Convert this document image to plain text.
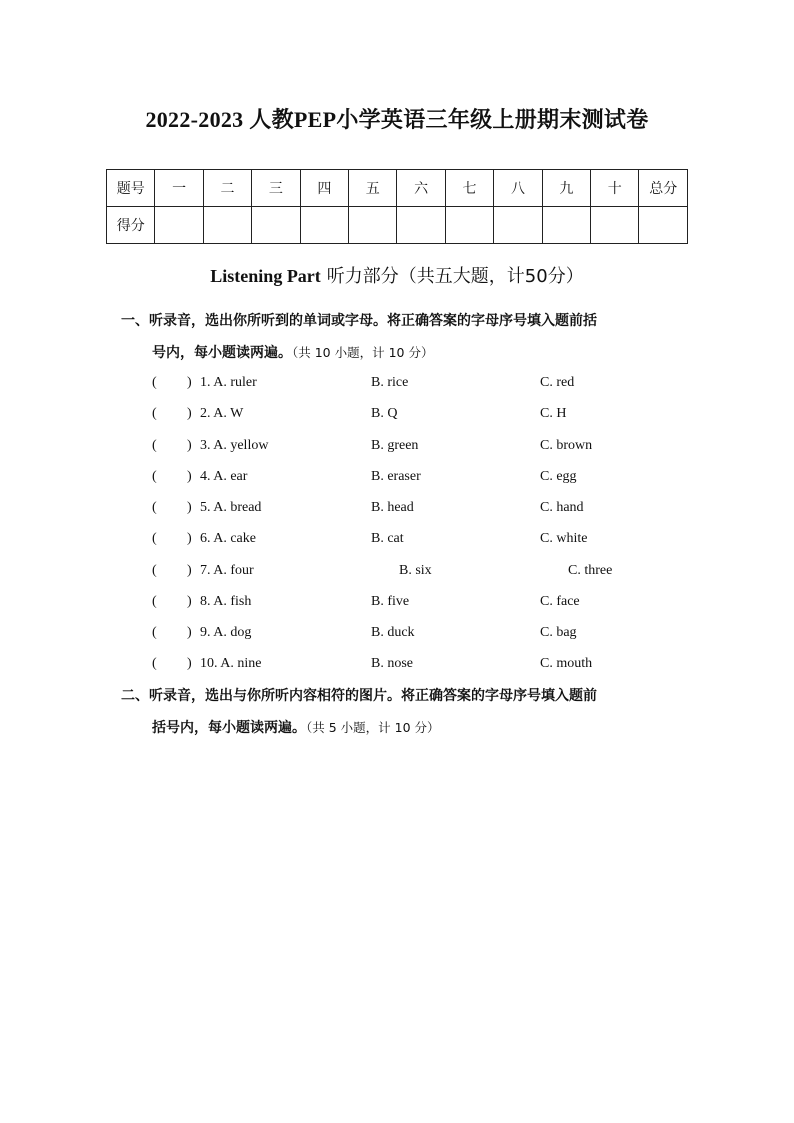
2022-2023 人教PEP小学英语三年级上册期末测试卷
题号	一	二	三	四	五	六	七	八	九	十	总分
得分											
Listening Part 听力部分（共五大题，计50分）
一、听录音，选出你所听到的单词或字母。将正确答案的字母序号填入题前括
号内，每小题读两遍。（共 10 小题，计 10 分）
( ) 1. A. ruler	B. rice	C. red
( ) 2. A. W	B. Q	C. H
( ) 3. A. yellow	B. green	C. brown
( ) 4. A. ear	B. eraser	C. egg
( ) 5. A. bread	B. head	C. hand
( ) 6. A. cake	B. cat	C. white
( ) 7. A. four	B. six	C. three
( ) 8. A. fish	B. five	C. face
( ) 9. A. dog	B. duck	C. bag
( ) 10. A. nine	B. nose	C. mouth
二、听录音，选出与你所听内容相符的图片。将正确答案的字母序号填入题前
括号内，每小题读两遍。（共 5 小题，计 10 分）
